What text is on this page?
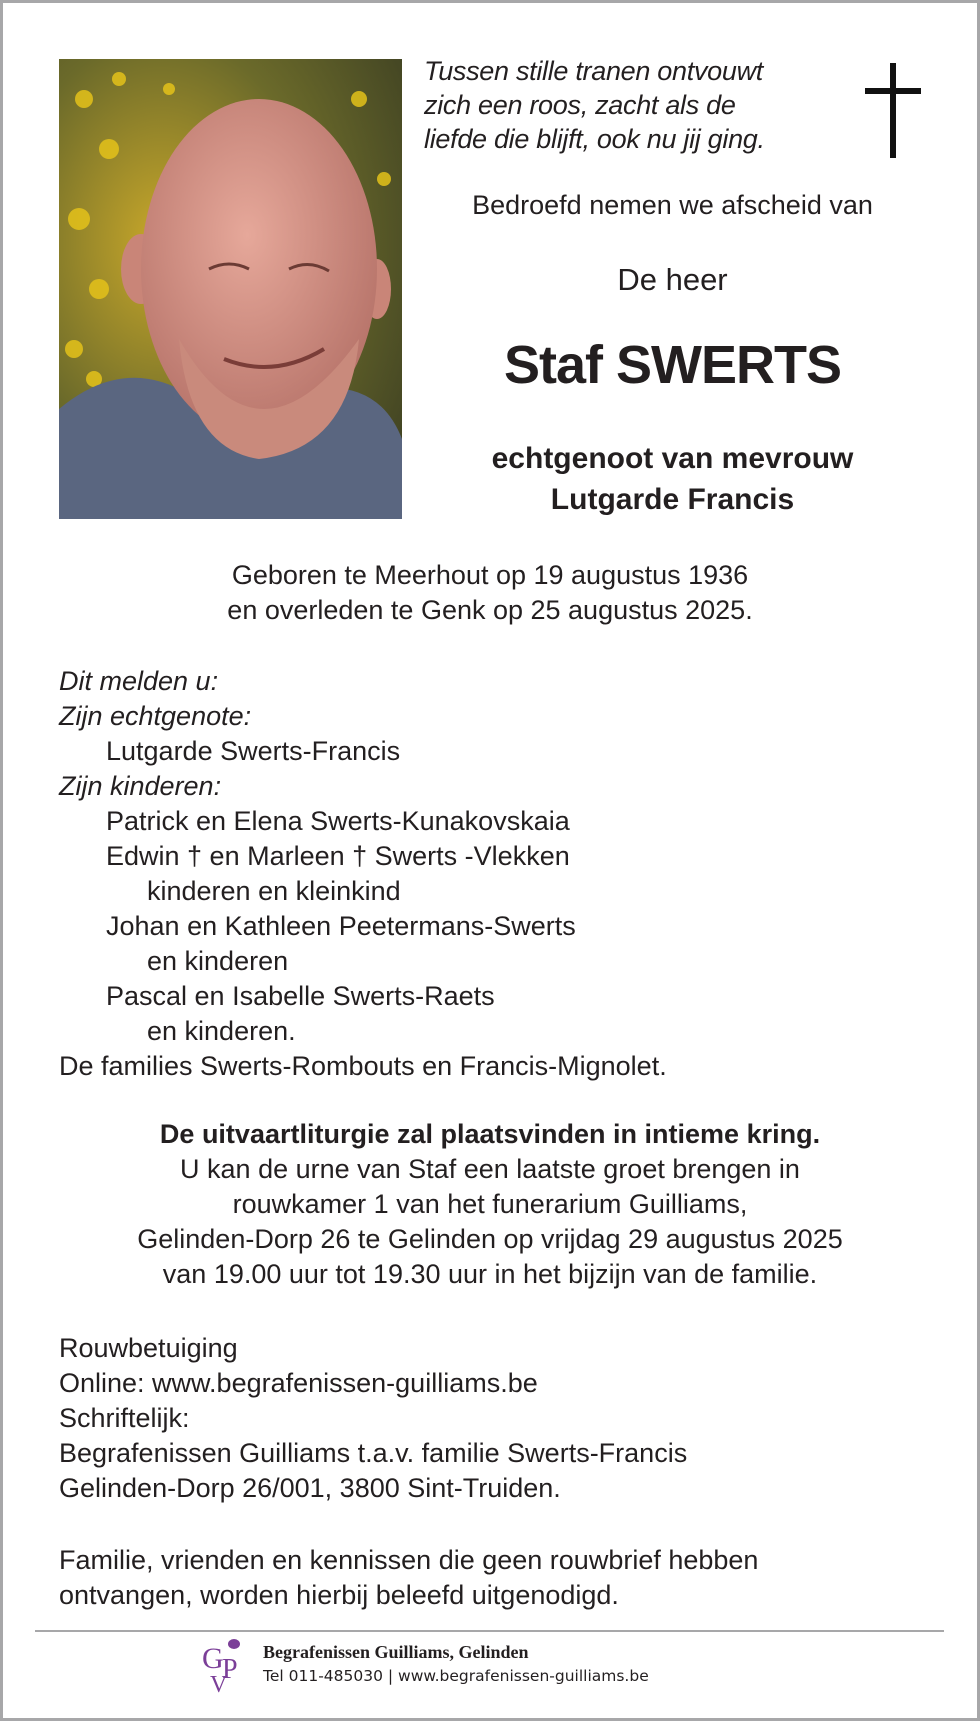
Tussen stille tranen ontvouwt
zich een roos, zacht als de
liefde die blijft, ook nu jij ging.
Bedroefd nemen we afscheid van
De heer
Staf SWERTS
echtgenoot van mevrouw
Lutgarde Francis
Geboren te Meerhout op 19 augustus 1936
en overleden te Genk op 25 augustus 2025.
Dit melden u:
Zijn echtgenote:
Lutgarde Swerts-Francis
Zijn kinderen:
Patrick en Elena Swerts-Kunakovskaia
Edwin † en Marleen † Swerts -Vlekken
kinderen en kleinkind
Johan en Kathleen Peetermans-Swerts
en kinderen
Pascal en Isabelle Swerts-Raets
en kinderen.
De families Swerts-Rombouts en Francis-Mignolet.
De uitvaartliturgie zal plaatsvinden in intieme kring.
U kan de urne van Staf een laatste groet brengen in
rouwkamer 1 van het funerarium Guilliams,
Gelinden-Dorp 26 te Gelinden op vrijdag 29 augustus 2025
van 19.00 uur tot 19.30 uur in het bijzijn van de familie.
Rouwbetuiging
Online: www.begrafenissen-guilliams.be
Schriftelijk:
Begrafenissen Guilliams t.a.v. familie Swerts-Francis
Gelinden-Dorp 26/001, 3800 Sint-Truiden.
Familie, vrienden en kennissen die geen rouwbrief hebben
ontvangen, worden hierbij beleefd uitgenodigd.
G
P
V
Begrafenissen Guilliams, Gelinden
Tel 011-485030 | www.begrafenissen-guilliams.be
